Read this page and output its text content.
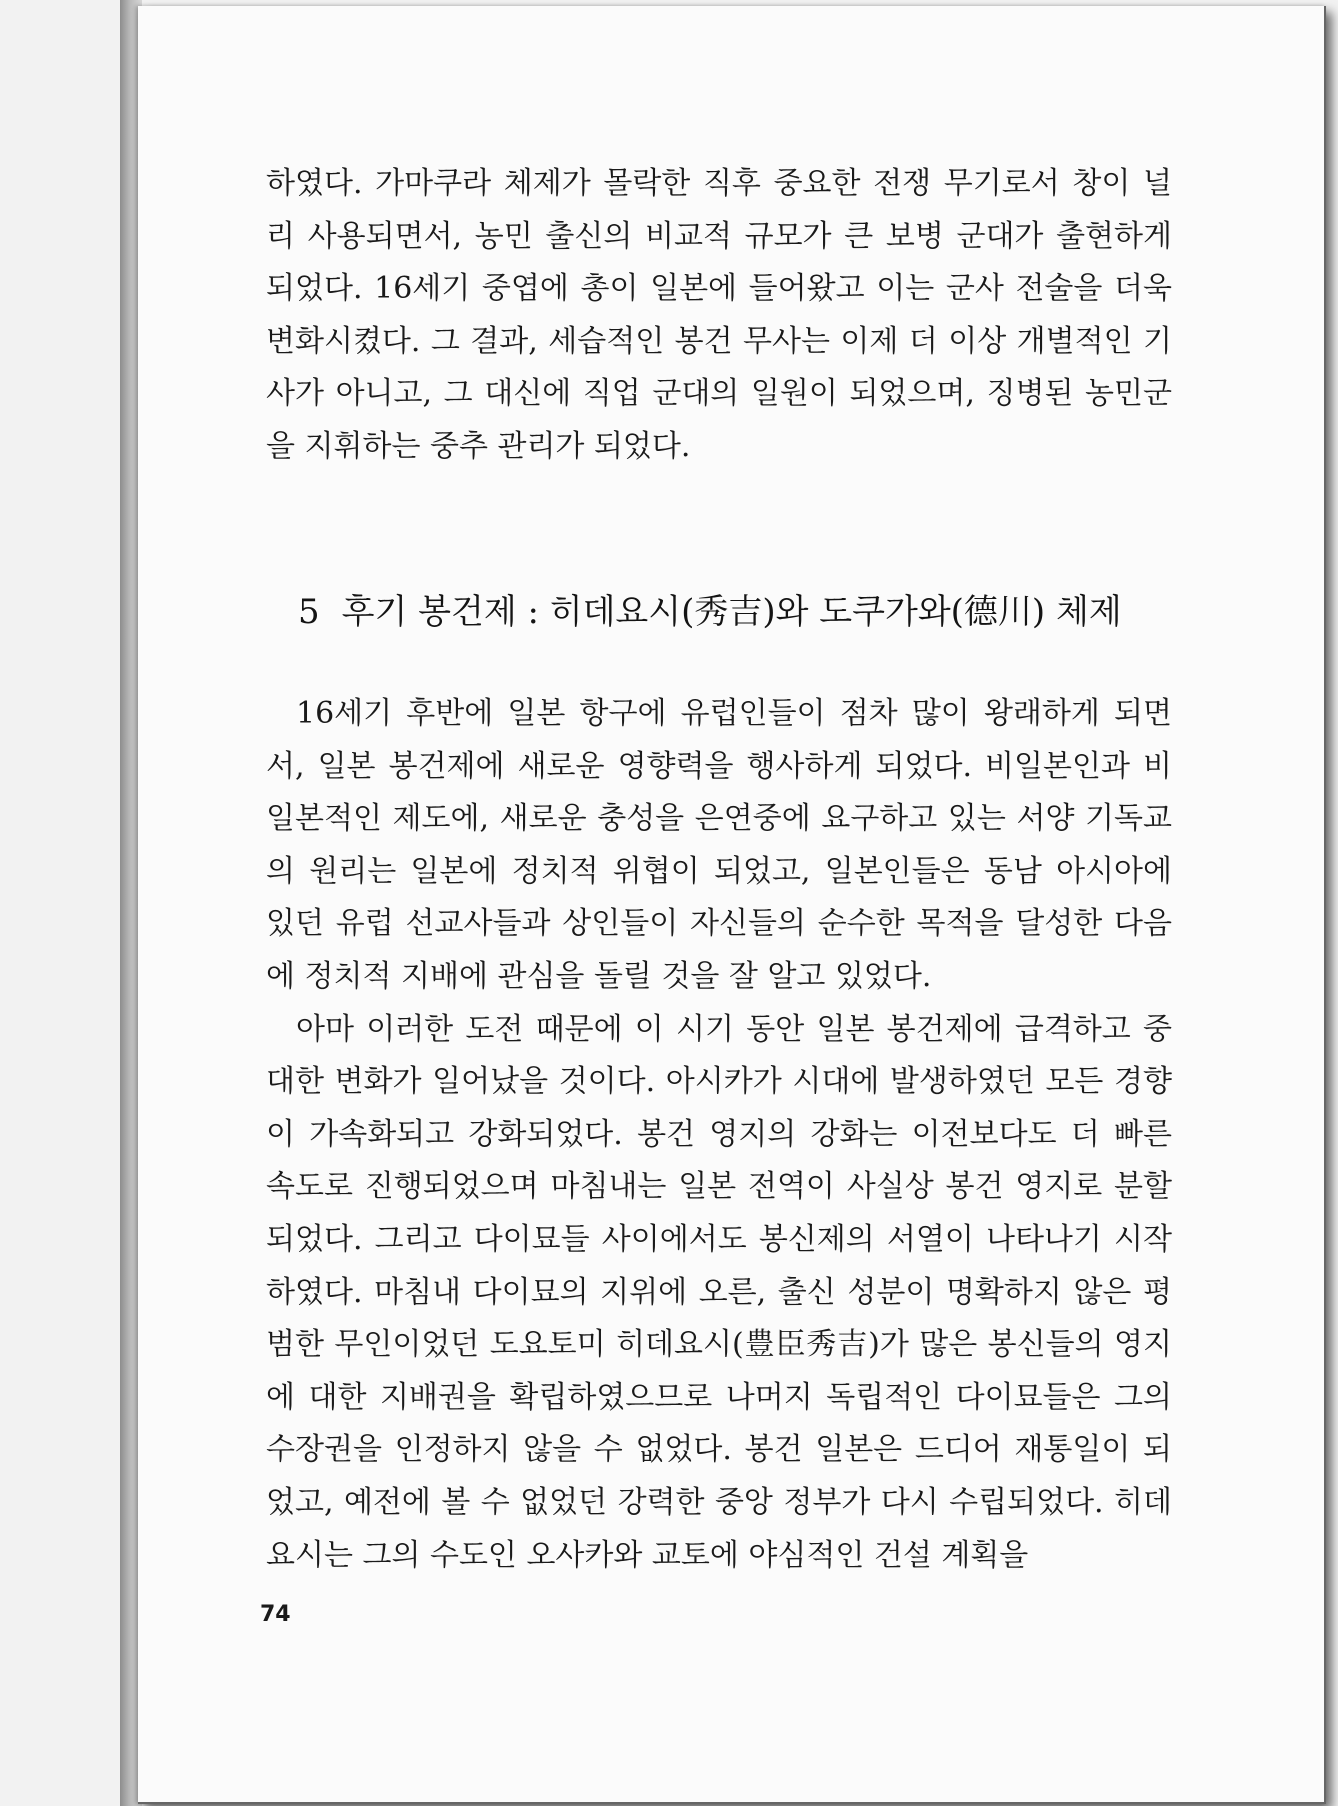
하였다. 가마쿠라 체제가 몰락한 직후 중요한 전쟁 무기로서 창이 널리 사용되면서, 농민 출신의 비교적 규모가 큰 보병 군대가 출현하게 되었다. 16세기 중엽에 총이 일본에 들어왔고 이는 군사 전술을 더욱 변화시켰다. 그 결과, 세습적인 봉건 무사는 이제 더 이상 개별적인 기사가 아니고, 그 대신에 직업 군대의 일원이 되었으며, 징병된 농민군을 지휘하는 중추 관리가 되었다.

5 후기 봉건제 : 히데요시(秀吉)와 도쿠가와(德川) 체제

16세기 후반에 일본 항구에 유럽인들이 점차 많이 왕래하게 되면서, 일본 봉건제에 새로운 영향력을 행사하게 되었다. 비일본인과 비일본적인 제도에, 새로운 충성을 은연중에 요구하고 있는 서양 기독교의 원리는 일본에 정치적 위협이 되었고, 일본인들은 동남 아시아에 있던 유럽 선교사들과 상인들이 자신들의 순수한 목적을 달성한 다음에 정치적 지배에 관심을 돌릴 것을 잘 알고 있었다.

아마 이러한 도전 때문에 이 시기 동안 일본 봉건제에 급격하고 중대한 변화가 일어났을 것이다. 아시카가 시대에 발생하였던 모든 경향이 가속화되고 강화되었다. 봉건 영지의 강화는 이전보다도 더 빠른 속도로 진행되었으며 마침내는 일본 전역이 사실상 봉건 영지로 분할되었다. 그리고 다이묘들 사이에서도 봉신제의 서열이 나타나기 시작하였다. 마침내 다이묘의 지위에 오른, 출신 성분이 명확하지 않은 평범한 무인이었던 도요토미 히데요시(豊臣秀吉)가 많은 봉신들의 영지에 대한 지배권을 확립하였으므로 나머지 독립적인 다이묘들은 그의 수장권을 인정하지 않을 수 없었다. 봉건 일본은 드디어 재통일이 되었고, 예전에 볼 수 없었던 강력한 중앙 정부가 다시 수립되었다. 히데요시는 그의 수도인 오사카와 교토에 야심적인 건설 계획을

74
